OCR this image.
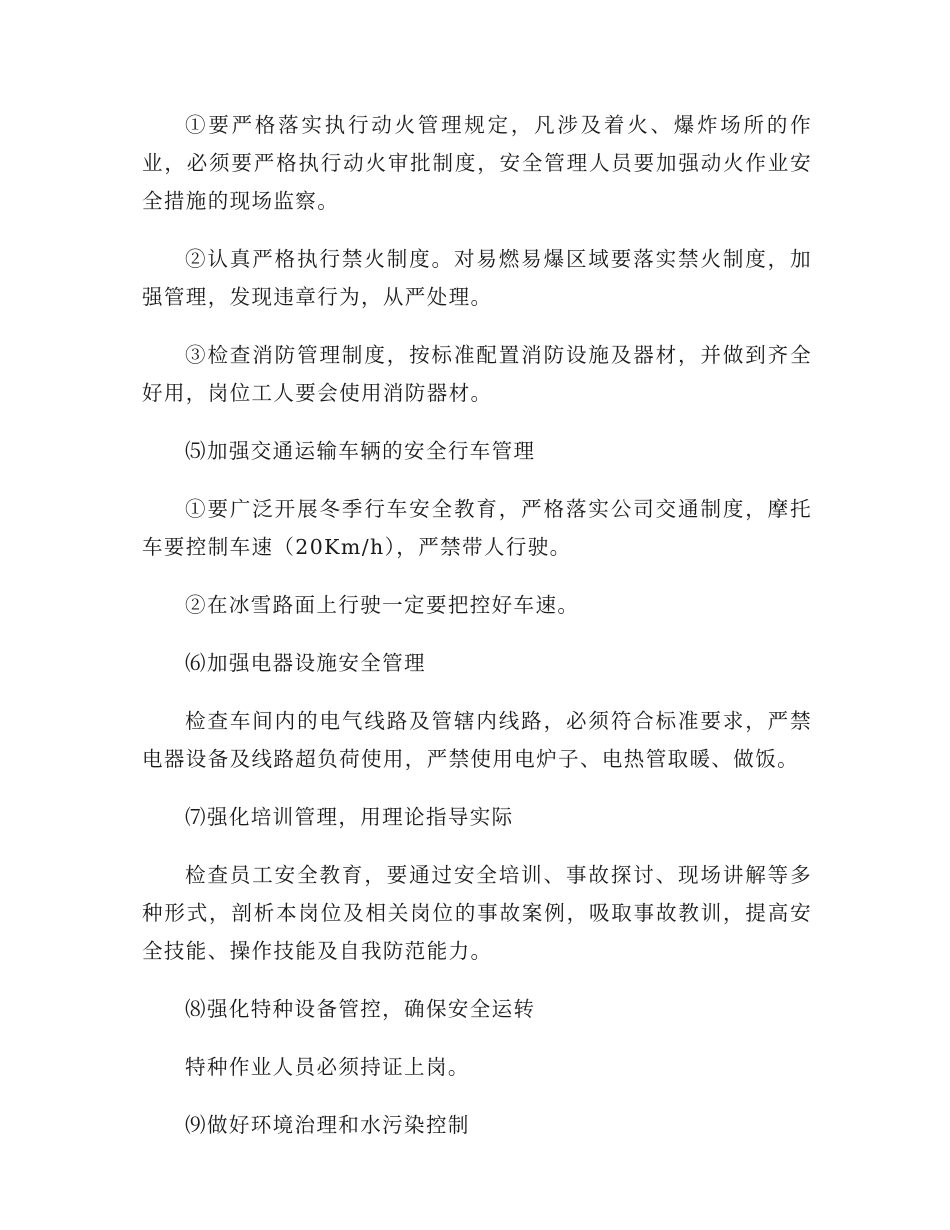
①要严格落实执行动火管理规定，凡涉及着火、爆炸场所的作业，必须要严格执行动火审批制度，安全管理人员要加强动火作业安全措施的现场监察。

②认真严格执行禁火制度。对易燃易爆区域要落实禁火制度，加强管理，发现违章行为，从严处理。

③检查消防管理制度，按标准配置消防设施及器材，并做到齐全好用，岗位工人要会使用消防器材。

⑸加强交通运输车辆的安全行车管理

①要广泛开展冬季行车安全教育，严格落实公司交通制度，摩托车要控制车速（20Km/h），严禁带人行驶。

②在冰雪路面上行驶一定要把控好车速。

⑹加强电器设施安全管理

检查车间内的电气线路及管辖内线路，必须符合标准要求，严禁电器设备及线路超负荷使用，严禁使用电炉子、电热管取暖、做饭。

⑺强化培训管理，用理论指导实际

检查员工安全教育，要通过安全培训、事故探讨、现场讲解等多种形式，剖析本岗位及相关岗位的事故案例，吸取事故教训，提高安全技能、操作技能及自我防范能力。

⑻强化特种设备管控，确保安全运转

特种作业人员必须持证上岗。

⑼做好环境治理和水污染控制
